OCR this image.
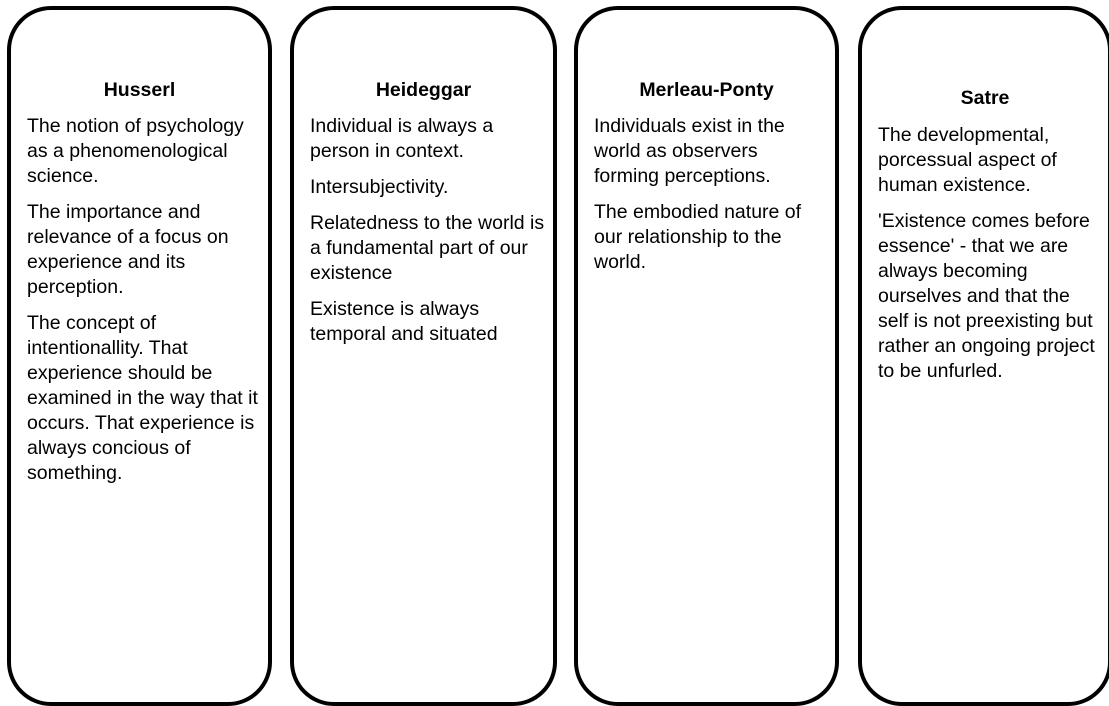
Husserl

The notion of psychology as a phenomenological science.

The importance and relevance of a focus on experience and its perception.

The concept of intentionallity. That experience should be examined in the way that it occurs. That experience is always concious of something.

Heideggar

Individual is always a person in context.

Intersubjectivity.

Relatedness to the world is a fundamental part of our existence

Existence is always temporal and situated

Merleau-Ponty

Individuals exist in the world as observers forming perceptions.

The embodied nature of our relationship to the world.

Satre

The developmental, porcessual aspect of human existence.

'Existence comes before essence' - that we are always becoming ourselves and that the self is not preexisting but rather an ongoing project to be unfurled.
